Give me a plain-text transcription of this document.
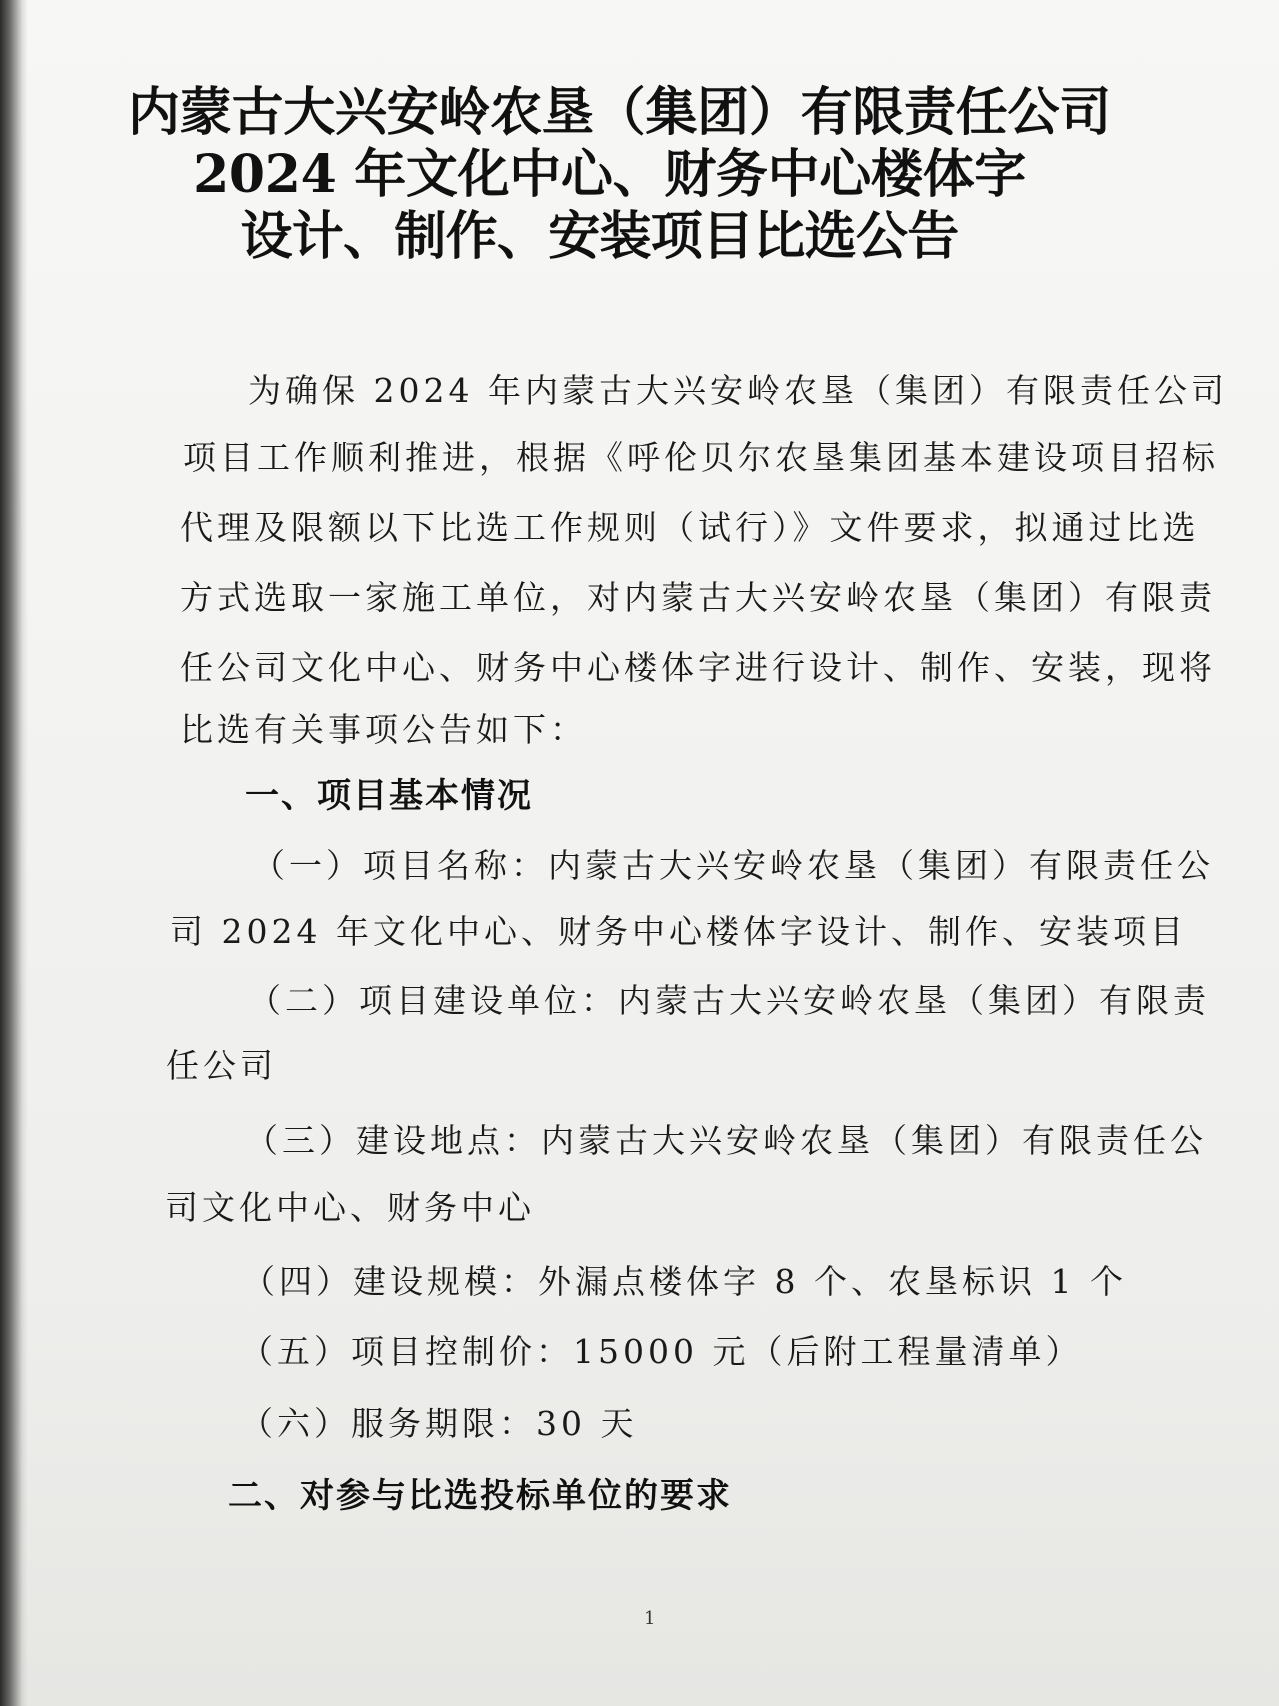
内蒙古大兴安岭农垦（集团）有限责任公司
2024 年文化中心、财务中心楼体字
设计、制作、安装项目比选公告
为确保 2024 年内蒙古大兴安岭农垦（集团）有限责任公司
项目工作顺利推进，根据《呼伦贝尔农垦集团基本建设项目招标
代理及限额以下比选工作规则（试行）》文件要求，拟通过比选
方式选取一家施工单位，对内蒙古大兴安岭农垦（集团）有限责
任公司文化中心、财务中心楼体字进行设计、制作、安装，现将
比选有关事项公告如下：
一、项目基本情况
（一）项目名称：内蒙古大兴安岭农垦（集团）有限责任公
司 2024 年文化中心、财务中心楼体字设计、制作、安装项目
（二）项目建设单位：内蒙古大兴安岭农垦（集团）有限责
任公司
（三）建设地点：内蒙古大兴安岭农垦（集团）有限责任公
司文化中心、财务中心
（四）建设规模：外漏点楼体字 8 个、农垦标识 1 个
（五）项目控制价：15000 元（后附工程量清单）
（六）服务期限：30 天
二、对参与比选投标单位的要求
1
